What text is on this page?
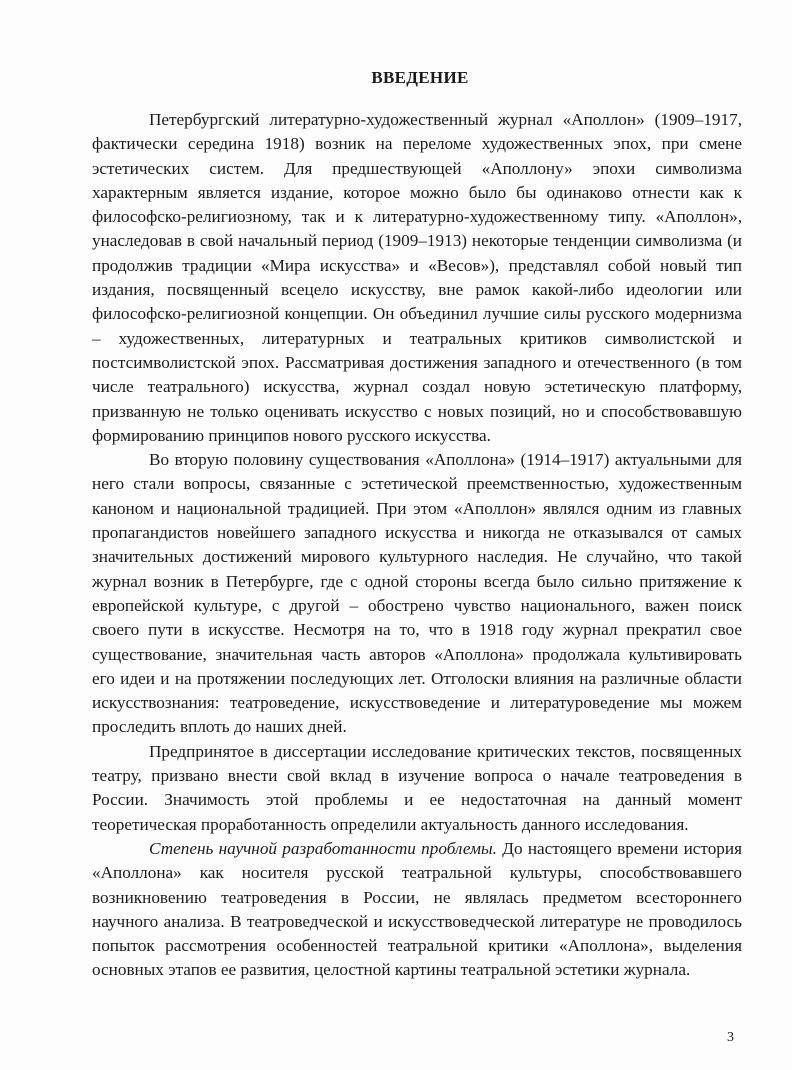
ВВЕДЕНИЕ

Петербургский литературно-художественный журнал «Аполлон» (1909–1917, фактически середина 1918) возник на переломе художественных эпох, при смене эстетических систем. Для предшествующей «Аполлону» эпохи символизма характерным является издание, которое можно было бы одинаково отнести как к философско-религиозному, так и к литературно-художественному типу. «Аполлон», унаследовав в свой начальный период (1909–1913) некоторые тенденции символизма (и продолжив традиции «Мира искусства» и «Весов»), представлял собой новый тип издания, посвященный всецело искусству, вне рамок какой-либо идеологии или философско-религиозной концепции. Он объединил лучшие силы русского модернизма – художественных, литературных и театральных критиков символистской и постсимволистской эпох. Рассматривая достижения западного и отечественного (в том числе театрального) искусства, журнал создал новую эстетическую платформу, призванную не только оценивать искусство с новых позиций, но и способствовавшую формированию принципов нового русского искусства.

Во вторую половину существования «Аполлона» (1914–1917) актуальными для него стали вопросы, связанные с эстетической преемственностью, художественным каноном и национальной традицией. При этом «Аполлон» являлся одним из главных пропагандистов новейшего западного искусства и никогда не отказывался от самых значительных достижений мирового культурного наследия. Не случайно, что такой журнал возник в Петербурге, где с одной стороны всегда было сильно притяжение к европейской культуре, с другой – обострено чувство национального, важен поиск своего пути в искусстве. Несмотря на то, что в 1918 году журнал прекратил свое существование, значительная часть авторов «Аполлона» продолжала культивировать его идеи и на протяжении последующих лет. Отголоски влияния на различные области искусствознания: театроведение, искусствоведение и литературоведение мы можем проследить вплоть до наших дней.

Предпринятое в диссертации исследование критических текстов, посвященных театру, призвано внести свой вклад в изучение вопроса о начале театроведения в России. Значимость этой проблемы и ее недостаточная на данный момент теоретическая проработанность определили актуальность данного исследования.

Степень научной разработанности проблемы. До настоящего времени история «Аполлона» как носителя русской театральной культуры, способствовавшего возникновению театроведения в России, не являлась предметом всестороннего научного анализа. В театроведческой и искусствоведческой литературе не проводилось попыток рассмотрения особенностей театральной критики «Аполлона», выделения основных этапов ее развития, целостной картины театральной эстетики журнала.

3
